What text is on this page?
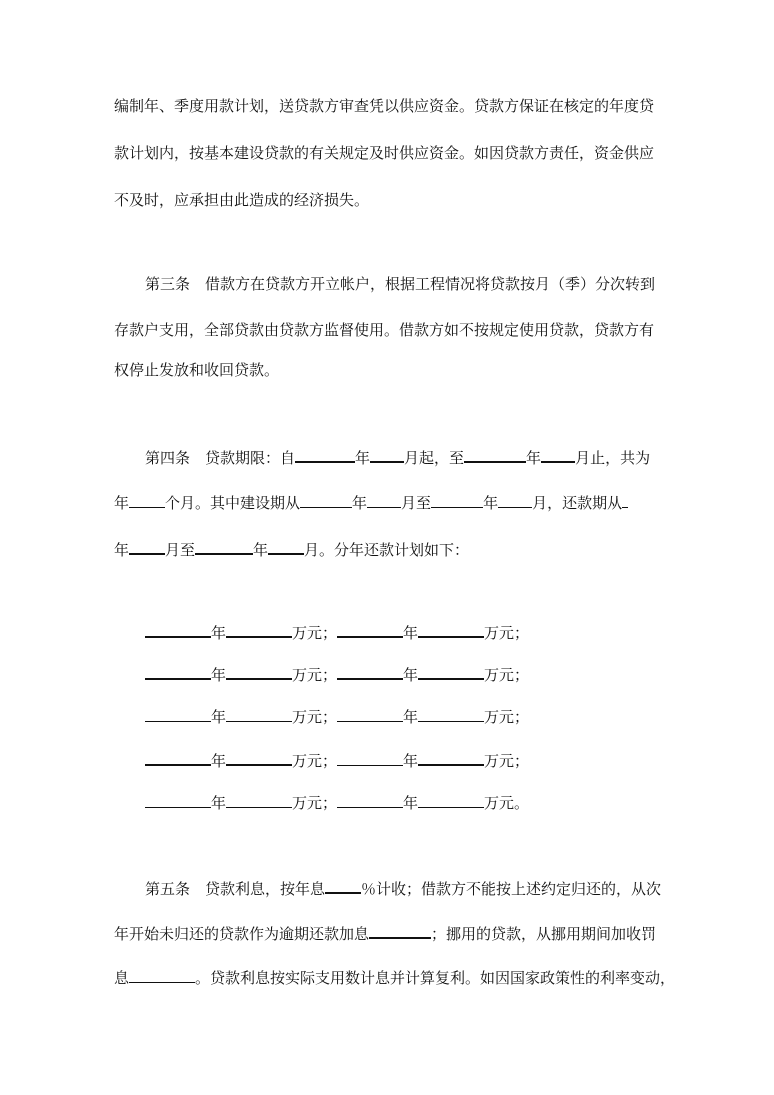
编制年、季度用款计划，送贷款方审查凭以供应资金。贷款方保证在核定的年度贷
款计划内，按基本建设贷款的有关规定及时供应资金。如因贷款方责任，资金供应
不及时，应承担由此造成的经济损失。
第三条　借款方在贷款方开立帐户，根据工程情况将贷款按月（季）分次转到
存款户支用，全部贷款由贷款方监督使用。借款方如不按规定使用贷款，贷款方有
权停止发放和收回贷款。
第四条　贷款期限：自	年 月起，至	年 月止，共为
年 个月。其中建设期从	年 月至	年 月，还款期从
年 月至	年 月。分年还款计划如下：
年	万元；	年	万元；
年	万元；	年	万元；
年	万元；	年	万元；
年	万元；	年	万元；
年	万元；	年	万元。
第五条　贷款利息，按年息 ％计收；借款方不能按上述约定归还的，从次
年开始未归还的贷款作为逾期还款加息	；挪用的贷款，从挪用期间加收罚
息	。贷款利息按实际支用数计息并计算复利。如因国家政策性的利率变动，
